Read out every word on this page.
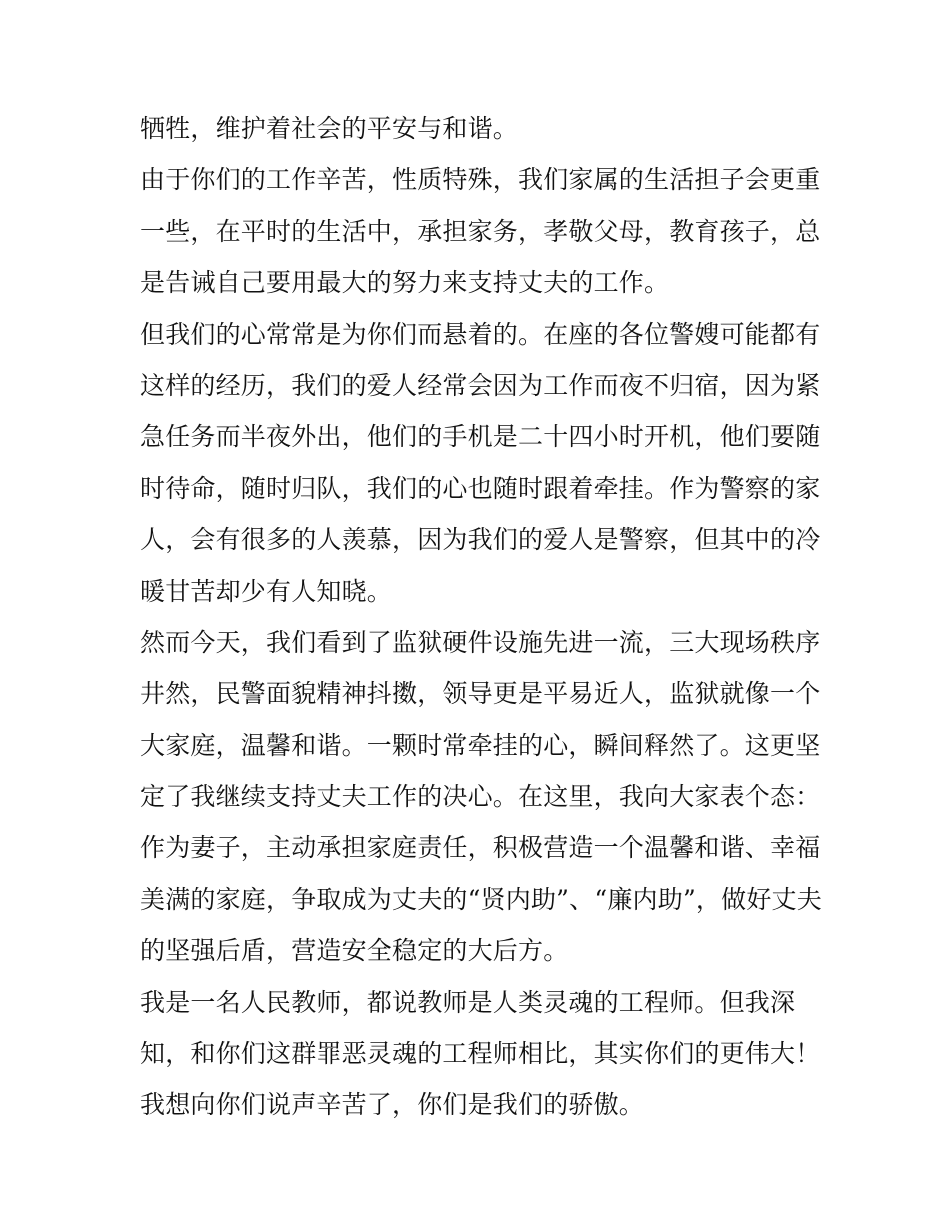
牺牲，维护着社会的平安与和谐。
由于你们的工作辛苦，性质特殊，我们家属的生活担子会更重
一些，在平时的生活中，承担家务，孝敬父母，教育孩子，总
是告诫自己要用最大的努力来支持丈夫的工作。
但我们的心常常是为你们而悬着的。在座的各位警嫂可能都有
这样的经历，我们的爱人经常会因为工作而夜不归宿，因为紧
急任务而半夜外出，他们的手机是二十四小时开机，他们要随
时待命，随时归队，我们的心也随时跟着牵挂。作为警察的家
人，会有很多的人羡慕，因为我们的爱人是警察，但其中的冷
暖甘苦却少有人知晓。
然而今天，我们看到了监狱硬件设施先进一流，三大现场秩序
井然，民警面貌精神抖擞，领导更是平易近人，监狱就像一个
大家庭，温馨和谐。一颗时常牵挂的心，瞬间释然了。这更坚
定了我继续支持丈夫工作的决心。在这里，我向大家表个态：
作为妻子，主动承担家庭责任，积极营造一个温馨和谐、幸福
美满的家庭，争取成为丈夫的“贤内助”、“廉内助”，做好丈夫
的坚强后盾，营造安全稳定的大后方。
我是一名人民教师，都说教师是人类灵魂的工程师。但我深
知，和你们这群罪恶灵魂的工程师相比，其实你们的更伟大！
我想向你们说声辛苦了，你们是我们的骄傲。
